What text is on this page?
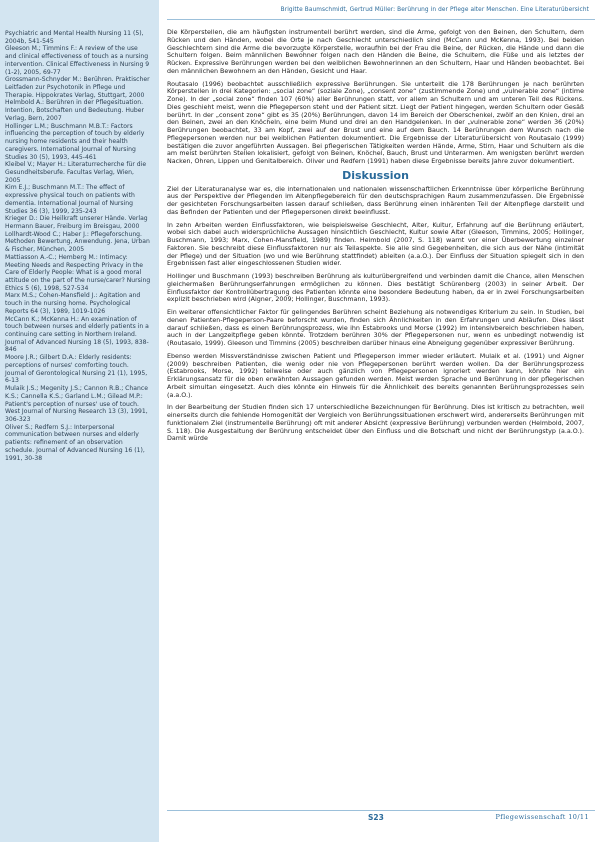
Psychiatric and Mental Health Nursing 11 (5), 2004b, 541-545
Gleeson M.; Timmins F.: A review of the use and clinical effectiveness of touch as a nursing intervention. Clinical Effectiveness in Nursing 9 (1-2), 2005, 69-77
Grossmann-Schnyder M.: Berühren. Praktischer Leitfaden zur Psychotonik in Pflege und Therapie. Hippokrates Verlag, Stuttgart, 2000
Helmbold A.: Berühren in der Pflegesituation. Intention, Botschaften und Bedeutung. Huber Verlag, Bern, 2007
Hollinger L.M.; Buschmann M.B.T.: Factors influencing the perception of touch by elderly nursing home residents and their health caregivers. International Journal of Nursing Studies 30 (5), 1993, 445-461
Kleibel V.; Mayer H.: Literaturrecherche für die Gesundheitsberufe. Facultas Verlag, Wien, 2005
Kim E.J.; Buschmann M.T.: The effect of expressive physical touch on patients with dementia. International Journal of Nursing Studies 36 (3), 1999, 235-243
Krieger D.: Die Heilkraft unserer Hände. Verlag Hermann Bauer, Freiburg im Breisgau, 2000
Lollhardt-Wood C.; Haber J.: Pflegeforschung. Methoden Bewertung, Anwendung. Jena, Urban & Fischer, München, 2005
Mattiasson A.-C.; Hemberg M.: Intimacy: Meeting Needs and Respecting Privacy in the Care of Elderly People: What is a good moral attitude on the part of the nurse/carer? Nursing Ethics 5 (6), 1998, 527-534
Marx M.S.; Cohen-Mansfield J.: Agitation and touch in the nursing home. Psychological Reports 64 (3), 1989, 1019-1026
McCann K.; McKenna H.: An examination of touch between nurses and elderly patients in a continuing care setting in Northern Ireland. Journal of Advanced Nursing 18 (5), 1993, 838-846
Moore J.R.; Gilbert D.A.: Elderly residents: perceptions of nurses' comforting touch. Journal of Gerontological Nursing 21 (1), 1995, 6-13
Mulaik J.S.; Megenity J.S.; Cannon R.B.; Chance K.S.; Cannella K.S.; Garland L.M.; Gilead M.P.: Patient's perception of nurses' use of touch. West Journal of Nursing Research 13 (3), 1991, 306-323
Oliver S.; Redfern S.J.: Interpersonal communication between nurses and elderly patients: refinement of an observation schedule. Journal of Advanced Nursing 16 (1), 1991, 30-38
Brigitte Baumschmidt, Gertrud Müller: Berührung in der Pflege alter Menschen. Eine Literaturübersicht

Die Körperstellen, die am häufigsten instrumentell berührt werden, sind die Arme, gefolgt von den Beinen, den Schultern, dem Rücken und den Händen, wobei die Orte je nach Geschlecht unterschiedlich sind (McCann und McKenna, 1993). Bei beiden Geschlechtern sind die Arme die bevorzugte Körperstelle, woraufhin bei der Frau die Beine, der Rücken, die Hände und dann die Schultern folgen. Beim männlichen Bewohner folgen nach den Händen die Beine, die Schultern, die Füße und als letztes der Rücken. Expressive Berührungen werden bei den weiblichen Bewohnerinnen an den Schultern, Haar und Händen beobachtet. Bei den männlichen Bewohnern an den Händen, Gesicht und Haar.

Routasalo (1996) beobachtet ausschließlich expressive Berührungen. Sie unterteilt die 178 Berührungen je nach berührten Körperstellen in drei Kategorien: „social zone“ (soziale Zone), „consent zone“ (zustimmende Zone) und „vulnerable zone“ (intime Zone). In der „social zone“ finden 107 (60%) aller Berührungen statt, vor allem an Schultern und am unteren Teil des Rückens. Dies geschieht meist, wenn die Pflegeperson steht und der Patient sitzt. Liegt der Patient hingegen, werden Schultern oder Gesäß berührt. In der „consent zone“ gibt es 35 (20%) Berührungen, davon 14 im Bereich der Oberschenkel, zwölf an den Knien, drei an den Beinen, zwei an den Knöcheln, eine beim Mund und drei an den Handgelenken. In der „vulnerable zone“ werden 36 (20%) Berührungen beobachtet, 33 am Kopf, zwei auf der Brust und eine auf dem Bauch. 14 Berührungen dem Wunsch nach die Pflegepersonen werden nur bei weiblichen Patienten dokumentiert. Die Ergebnisse der Literaturübersicht von Routasalo (1999) bestätigen die zuvor angeführten Aussagen. Bei pflegerischen Tätigkeiten werden Hände, Arme, Stirn, Haar und Schultern als die am meist berührten Stellen lokalisiert, gefolgt von Beinen, Knöchel, Bauch, Brust und Unterarmen. Am wenigsten berührt werden Nacken, Ohren, Lippen und Genitalbereich. Oliver und Redfern (1991) haben diese Ergebnisse bereits Jahre zuvor dokumentiert.

Diskussion

Ziel der Literaturanalyse war es, die internationalen und nationalen wissenschaftlichen Erkenntnisse über körperliche Berührung aus der Perspektive der Pflegenden im Altenpflegebereich für den deutschsprachigen Raum zusammenzufassen. Die Ergebnisse der gesichteten Forschungsarbeiten lassen darauf schließen, dass Berührung einen inhärenten Teil der Altenpflege darstellt und das Befinden der Patienten und der Pflegepersonen direkt beeinflusst.

In zehn Arbeiten werden Einflussfaktoren, wie beispielsweise Geschlecht, Alter, Kultur, Erfahrung auf die Berührung erläutert, wobei sich dabei auch widersprüchliche Aussagen hinsichtlich Geschlecht, Kultur sowie Alter (Gleeson, Timmins, 2005; Hollinger, Buschmann, 1993; Marx, Cohen-Mansfield, 1989) finden. Helmbold (2007, S. 118) warnt vor einer Überbewertung einzelner Faktoren. Sie beschreibt diese Einflussfaktoren nur als Teilaspekte. Sie alle sind Gegebenheiten, die sich aus der Nähe (intimität der Pflege) und der Situation (wo und wie Berührung stattfindet) ableiten (a.a.O.). Der Einfluss der Situation spiegelt sich in den Ergebnissen fast aller eingeschlossenen Studien wider.

Hollinger und Buschmann (1993) beschreiben Berührung als kulturübergreifend und verbinden damit die Chance, allen Menschen gleichermaßen Berührungserfahrungen ermöglichen zu können. Dies bestätigt Schürenberg (2003) in seiner Arbeit. Der Einflussfaktor der Kontrollübertragung des Patienten könnte eine besondere Bedeutung haben, da er in zwei Forschungsarbeiten explizit beschrieben wird (Aigner, 2009; Hollinger, Buschmann, 1993).

Ein weiterer offensichtlicher Faktor für gelingendes Berühren scheint Beziehung als notwendiges Kriterium zu sein. In Studien, bei denen Patienten-Pflegeperson-Paare beforscht wurden, finden sich Ähnlichkeiten in den Erfahrungen und Abläufen. Dies lässt darauf schließen, dass es einen Berührungsprozess, wie ihn Estabrooks und Morse (1992) im intensivbereich beschrieben haben, auch in der Langzeitpflege geben könnte. Trotzdem berühren 30% der Pflegepersonen nur, wenn es unbedingt notwendig ist (Routasalo, 1999). Gleeson und Timmins (2005) beschreiben darüber hinaus eine Abneigung gegenüber expressiver Berührung.

Ebenso werden Missverständnisse zwischen Patient und Pflegeperson immer wieder erläutert. Mulaik et al. (1991) und Aigner (2009) beschreiben Patienten, die wenig oder nie von Pflegepersonen berührt werden wollen. Da der Berührungsprozess (Estabrooks, Morse, 1992) teilweise oder auch gänzlich von Pflegepersonen ignoriert werden kann, könnte hier ein Erklärungsansatz für die oben erwähnten Aussagen gefunden werden. Meist werden Sprache und Berührung in der pflegerischen Arbeit simultan eingesetzt. Auch dies könnte ein Hinweis für die Ähnlichkeit des bereits genannten Berührungsprozesses sein (a.a.O.).

In der Bearbeitung der Studien finden sich 17 unterschiedliche Bezeichnungen für Berührung. Dies ist kritisch zu betrachten, weil einerseits durch die fehlende Homogenität der Vergleich von Berührungssituationen erschwert wird, andererseits Berührungen mit funktionalem Ziel (instrumentelle Berührung) oft mit anderer Absicht (expressive Berührung) verbunden werden (Helmbold, 2007, S. 118). Die Ausgestaltung der Berührung entscheidet über den Einfluss und die Botschaft und nicht der Berührungstyp (a.a.O.). Damit würde

S23	Pflegewissenschaft 10/11
